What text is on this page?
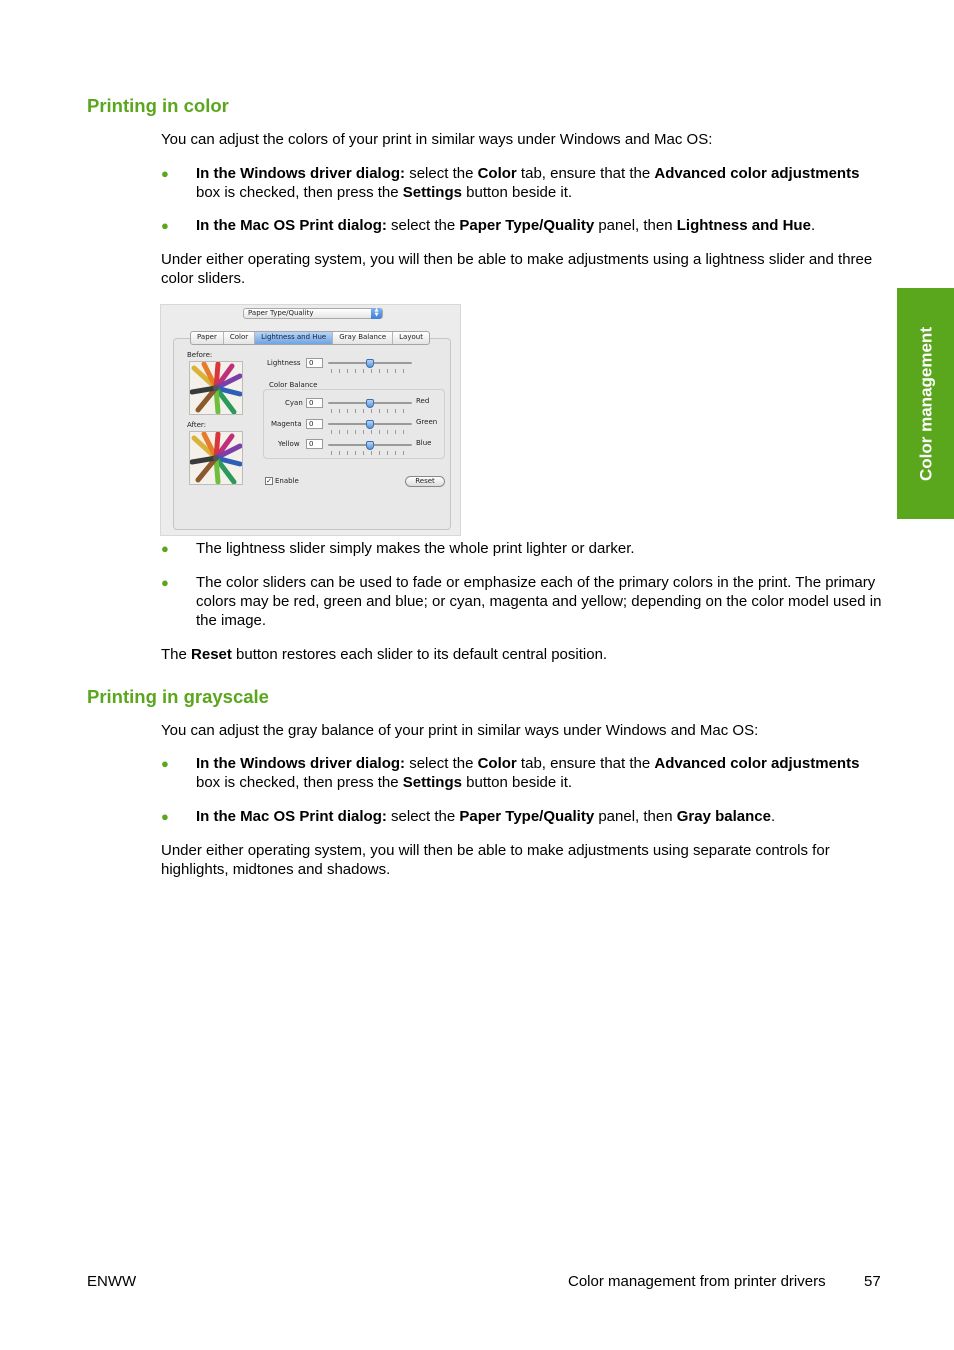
Printing in color

You can adjust the colors of your print in similar ways under Windows and Mac OS:

● In the Windows driver dialog: select the Color tab, ensure that the Advanced color adjustments box is checked, then press the Settings button beside it.
● In the Mac OS Print dialog: select the Paper Type/Quality panel, then Lightness and Hue.

Under either operating system, you will then be able to make adjustments using a lightness slider and three color sliders.

Paper Type/Quality	▲
▼
Paper	Color	Lightness and Hue	Gray Balance	Layout
Before:
After:
Lightness	0
Color Balance
Cyan 0	Red
Magenta	0	Green
Yellow	0	Blue
✓ Enable	Reset
● The lightness slider simply makes the whole print lighter or darker.
● The color sliders can be used to fade or emphasize each of the primary colors in the print. The primary colors may be red, green and blue; or cyan, magenta and yellow; depending on the color model used in the image.

The Reset button restores each slider to its default central position.

Printing in grayscale

You can adjust the gray balance of your print in similar ways under Windows and Mac OS:

● In the Windows driver dialog: select the Color tab, ensure that the Advanced color adjustments box is checked, then press the Settings button beside it.
● In the Mac OS Print dialog: select the Paper Type/Quality panel, then Gray balance.

Under either operating system, you will then be able to make adjustments using separate controls for highlights, midtones and shadows.

Color management
ENWW	Color management from printer drivers	57
